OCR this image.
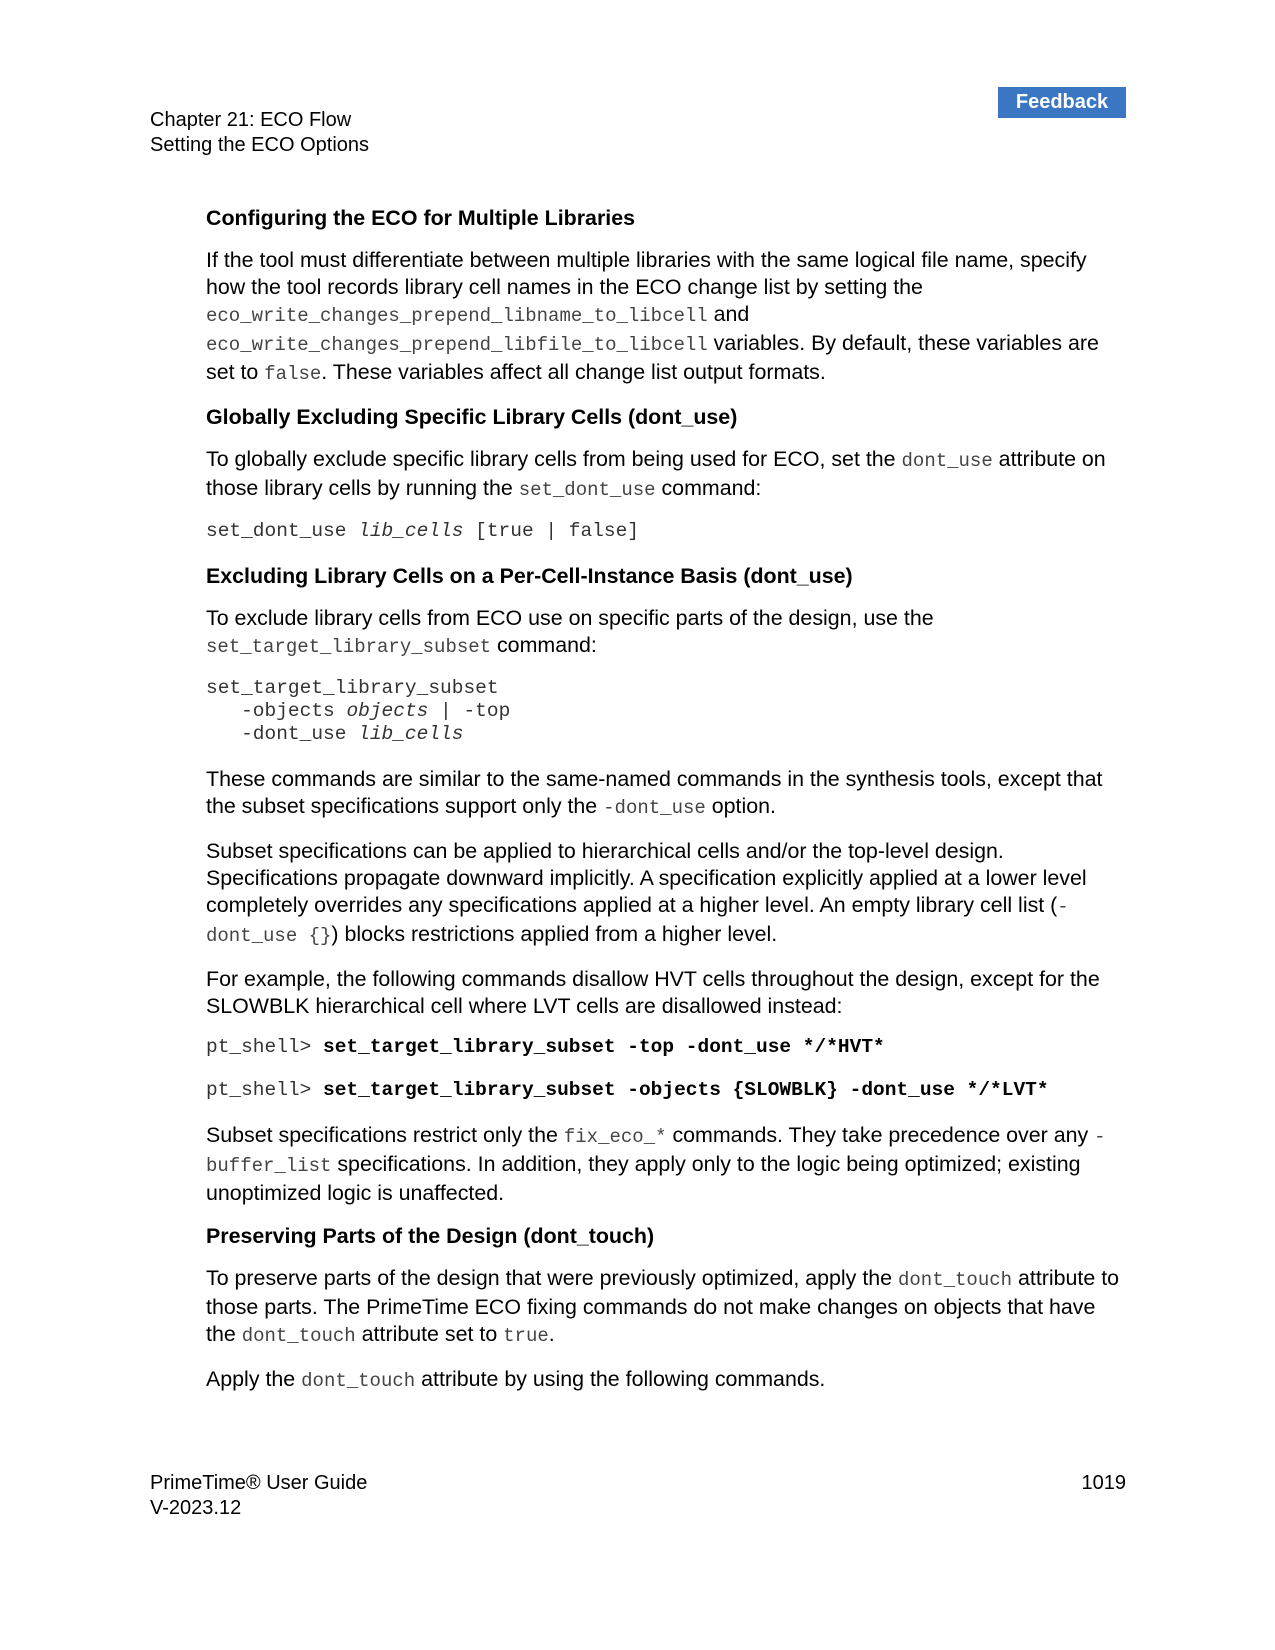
Feedback
Chapter 21: ECO Flow
Setting the ECO Options
Configuring the ECO for Multiple Libraries

If the tool must differentiate between multiple libraries with the same logical file name, specify how the tool records library cell names in the ECO change list by setting the eco_write_changes_prepend_libname_to_libcell and eco_write_changes_prepend_libfile_to_libcell variables. By default, these variables are set to false. These variables affect all change list output formats.

Globally Excluding Specific Library Cells (dont_use)

To globally exclude specific library cells from being used for ECO, set the dont_use attribute on those library cells by running the set_dont_use command:

set_dont_use lib_cells [true | false]
Excluding Library Cells on a Per-Cell-Instance Basis (dont_use)

To exclude library cells from ECO use on specific parts of the design, use the set_target_library_subset command:

set_target_library_subset
-objects objects | -top
-dont_use lib_cells

These commands are similar to the same-named commands in the synthesis tools, except that the subset specifications support only the -dont_use option.

Subset specifications can be applied to hierarchical cells and/or the top-level design. Specifications propagate downward implicitly. A specification explicitly applied at a lower level completely overrides any specifications applied at a higher level. An empty library cell list (-dont_use {}) blocks restrictions applied from a higher level.

For example, the following commands disallow HVT cells throughout the design, except for the SLOWBLK hierarchical cell where LVT cells are disallowed instead:

pt_shell> set_target_library_subset -top -dont_use */*HVT*
pt_shell> set_target_library_subset -objects {SLOWBLK} -dont_use */*LVT*

Subset specifications restrict only the fix_eco_* commands. They take precedence over any -buffer_list specifications. In addition, they apply only to the logic being optimized; existing unoptimized logic is unaffected.

Preserving Parts of the Design (dont_touch)

To preserve parts of the design that were previously optimized, apply the dont_touch attribute to those parts. The PrimeTime ECO fixing commands do not make changes on objects that have the dont_touch attribute set to true.

Apply the dont_touch attribute by using the following commands.

PrimeTime® User Guide
V-2023.12
1019
